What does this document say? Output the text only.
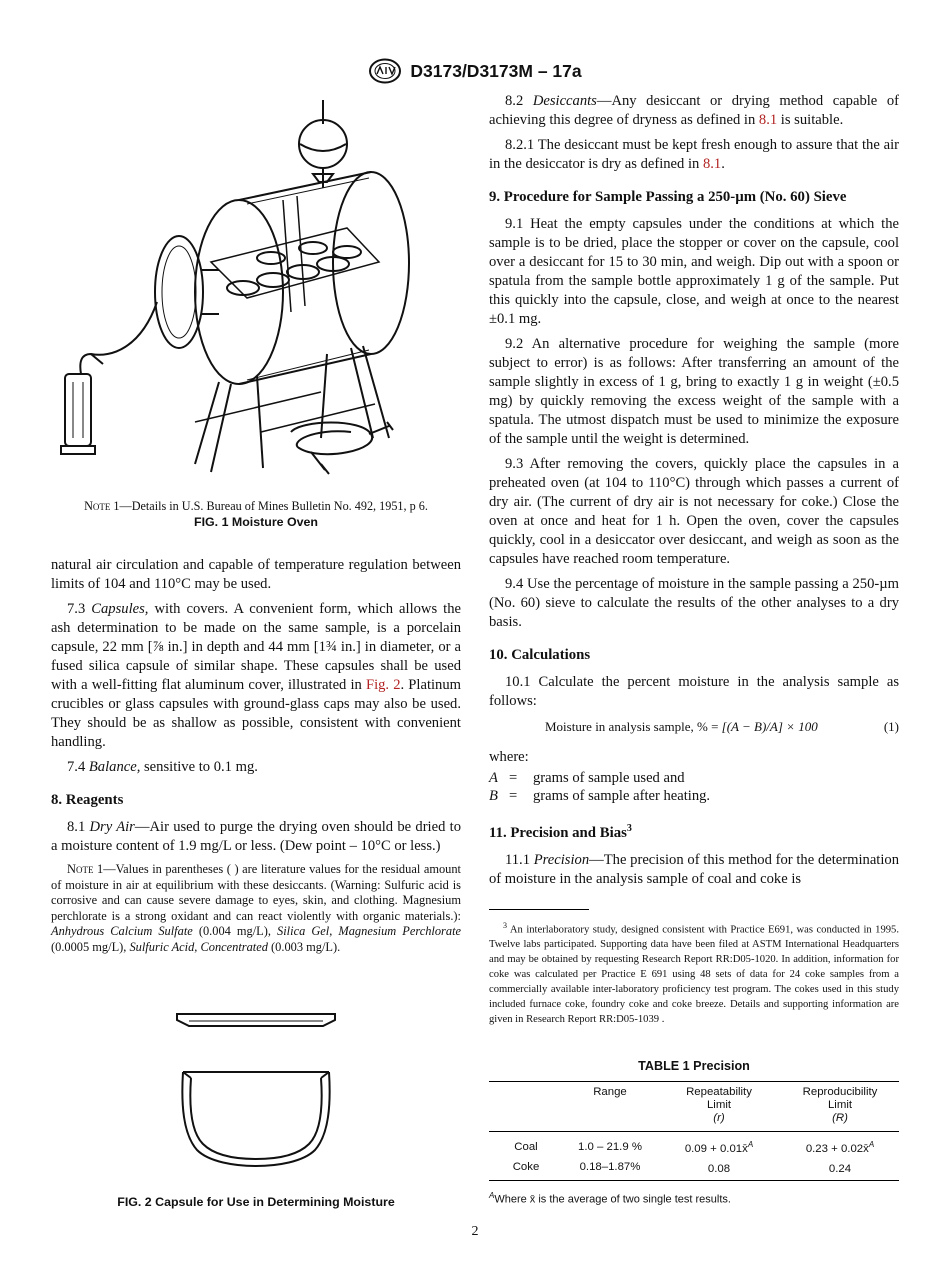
D3173/D3173M – 17a
Note 1—Details in U.S. Bureau of Mines Bulletin No. 492, 1951, p 6.
FIG. 1 Moisture Oven

natural air circulation and capable of temperature regulation between limits of 104 and 110°C may be used.

7.3 Capsules, with covers. A convenient form, which allows the ash determination to be made on the same sample, is a porcelain capsule, 22 mm [⅞ in.] in depth and 44 mm [1¾ in.] in diameter, or a fused silica capsule of similar shape. These capsules shall be used with a well-fitting flat aluminum cover, illustrated in Fig. 2. Platinum crucibles or glass capsules with ground-glass caps may also be used. They should be as shallow as possible, consistent with convenient handling.

7.4 Balance, sensitive to 0.1 mg.

8. Reagents

8.1 Dry Air—Air used to purge the drying oven should be dried to a moisture content of 1.9 mg/L or less. (Dew point – 10°C or less.)

Note 1—Values in parentheses ( ) are literature values for the residual amount of moisture in air at equilibrium with these desiccants. (Warning: Sulfuric acid is corrosive and can cause severe damage to eyes, skin, and clothing. Magnesium perchlorate is a strong oxidant and can react violently with organic materials.): Anhydrous Calcium Sulfate (0.004 mg/L), Silica Gel, Magnesium Perchlorate (0.0005 mg/L), Sulfuric Acid, Concentrated (0.003 mg/L).
FIG. 2 Capsule for Use in Determining Moisture

8.2 Desiccants—Any desiccant or drying method capable of achieving this degree of dryness as defined in 8.1 is suitable.

8.2.1 The desiccant must be kept fresh enough to assure that the air in the desiccator is dry as defined in 8.1.

9. Procedure for Sample Passing a 250-µm (No. 60) Sieve

9.1 Heat the empty capsules under the conditions at which the sample is to be dried, place the stopper or cover on the capsule, cool over a desiccant for 15 to 30 min, and weigh. Dip out with a spoon or spatula from the sample bottle approximately 1 g of the sample. Put this quickly into the capsule, close, and weigh at once to the nearest ±0.1 mg.

9.2 An alternative procedure for weighing the sample (more subject to error) is as follows: After transferring an amount of the sample slightly in excess of 1 g, bring to exactly 1 g in weight (±0.5 mg) by quickly removing the excess weight of the sample with a spatula. The utmost dispatch must be used to minimize the exposure of the sample until the weight is determined.

9.3 After removing the covers, quickly place the capsules in a preheated oven (at 104 to 110°C) through which passes a current of dry air. (The current of dry air is not necessary for coke.) Close the oven at once and heat for 1 h. Open the oven, cover the capsules quickly, cool in a desiccator over desiccant, and weigh as soon as the capsules have reached room temperature.

9.4 Use the percentage of moisture in the sample passing a 250-µm (No. 60) sieve to calculate the results of the other analyses to a dry basis.

10. Calculations

10.1 Calculate the percent moisture in the analysis sample as follows:

Moisture in analysis sample, % = [(A − B)/A] × 100	(1)

where:

A =	grams of sample used and
B =	grams of sample after heating.
11. Precision and Bias$^3$

11.1 Precision—The precision of this method for the determination of moisture in the analysis sample of coal and coke is

$^3$ An interlaboratory study, designed consistent with Practice E691, was conducted in 1995. Twelve labs participated. Supporting data have been filed at ASTM International Headquarters and may be obtained by requesting Research Report RR:D05-1020. In addition, information for coke was calculated per Practice E 691 using 48 sets of data for 24 coke samples from a commercially available inter-laboratory proficiency test program. The cokes used in this study included furnace coke, foundry coke and coke breeze. Details and supporting information are given in Research Report RR:D05-1039 .
TABLE 1 Precision
	Range	Repeatability
Limit
(r)	Reproducibility
Limit
(R)
Coal	1.0 – 21.9 %	0.09 + 0.01x̄$^A$	0.23 + 0.02x̄$^A$
Coke	0.18–1.87%	0.08	0.24
$^A$Where x̄ is the average of two single test results.
2
